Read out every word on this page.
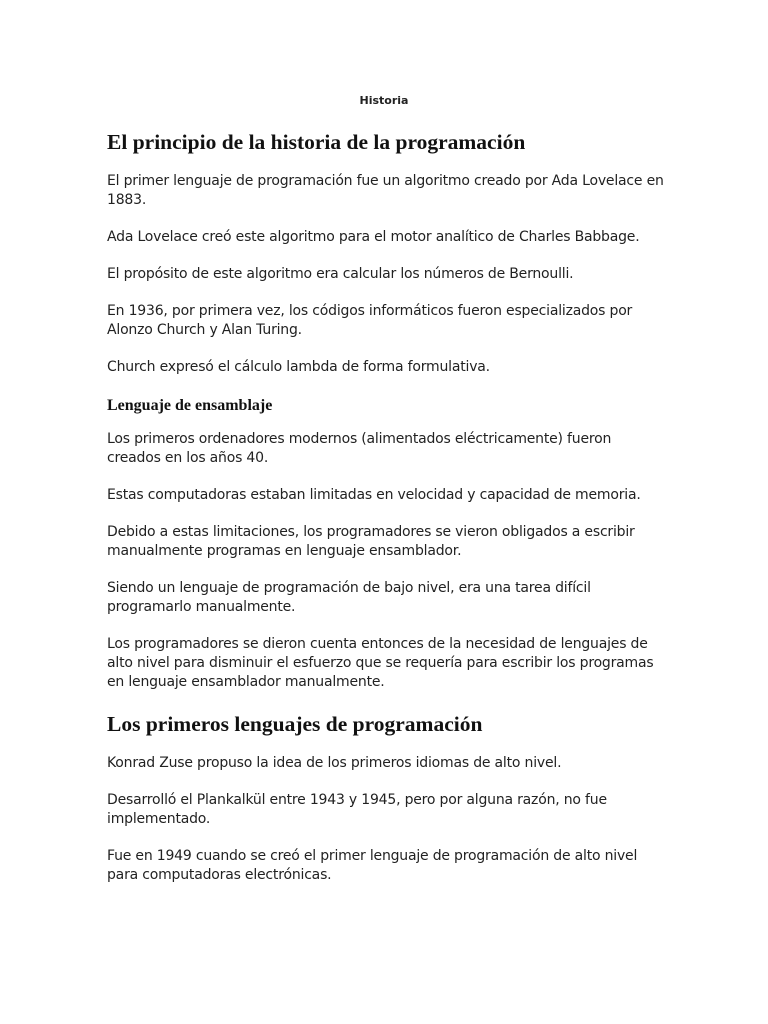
Historia
El principio de la historia de la programación

El primer lenguaje de programación fue un algoritmo creado por Ada Lovelace en 1883.

Ada Lovelace creó este algoritmo para el motor analítico de Charles Babbage.

El propósito de este algoritmo era calcular los números de Bernoulli.

En 1936, por primera vez, los códigos informáticos fueron especializados por Alonzo Church y Alan Turing.

Church expresó el cálculo lambda de forma formulativa.

Lenguaje de ensamblaje

Los primeros ordenadores modernos (alimentados eléctricamente) fueron creados en los años 40.

Estas computadoras estaban limitadas en velocidad y capacidad de memoria.

Debido a estas limitaciones, los programadores se vieron obligados a escribir manualmente programas en lenguaje ensamblador.

Siendo un lenguaje de programación de bajo nivel, era una tarea difícil programarlo manualmente.

Los programadores se dieron cuenta entonces de la necesidad de lenguajes de alto nivel para disminuir el esfuerzo que se requería para escribir los programas en lenguaje ensamblador manualmente.

Los primeros lenguajes de programación

Konrad Zuse propuso la idea de los primeros idiomas de alto nivel.

Desarrolló el Plankalkül entre 1943 y 1945, pero por alguna razón, no fue implementado.

Fue en 1949 cuando se creó el primer lenguaje de programación de alto nivel para computadoras electrónicas.
